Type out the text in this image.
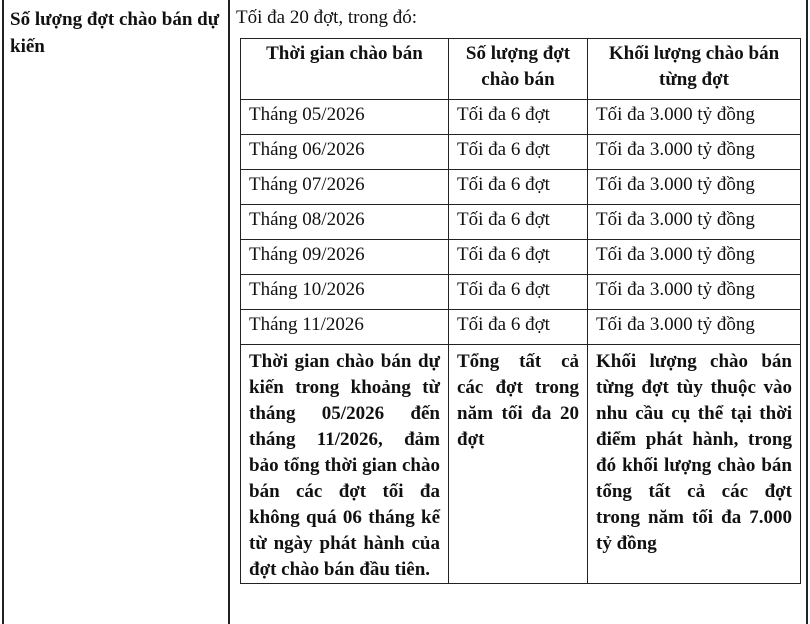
Số lượng đợt chào bán dự kiến
Tối đa 20 đợt, trong đó:
Thời gian chào bán	Số lượng đợt chào bán	Khối lượng chào bán từng đợt
Tháng 05/2026	Tối đa 6 đợt	Tối đa 3.000 tỷ đồng
Tháng 06/2026	Tối đa 6 đợt	Tối đa 3.000 tỷ đồng
Tháng 07/2026	Tối đa 6 đợt	Tối đa 3.000 tỷ đồng
Tháng 08/2026	Tối đa 6 đợt	Tối đa 3.000 tỷ đồng
Tháng 09/2026	Tối đa 6 đợt	Tối đa 3.000 tỷ đồng
Tháng 10/2026	Tối đa 6 đợt	Tối đa 3.000 tỷ đồng
Tháng 11/2026	Tối đa 6 đợt	Tối đa 3.000 tỷ đồng
Thời gian chào bán dự kiến trong khoảng từ tháng 05/2026 đến tháng 11/2026, đảm bảo tổng thời gian chào bán các đợt tối đa không quá 06 tháng kể từ ngày phát hành của đợt chào bán đầu tiên.	Tổng tất cả các đợt trong năm tối đa 20 đợt	Khối lượng chào bán từng đợt tùy thuộc vào nhu cầu cụ thể tại thời điểm phát hành, trong đó khối lượng chào bán tổng tất cả các đợt trong năm tối đa 7.000 tỷ đồng
